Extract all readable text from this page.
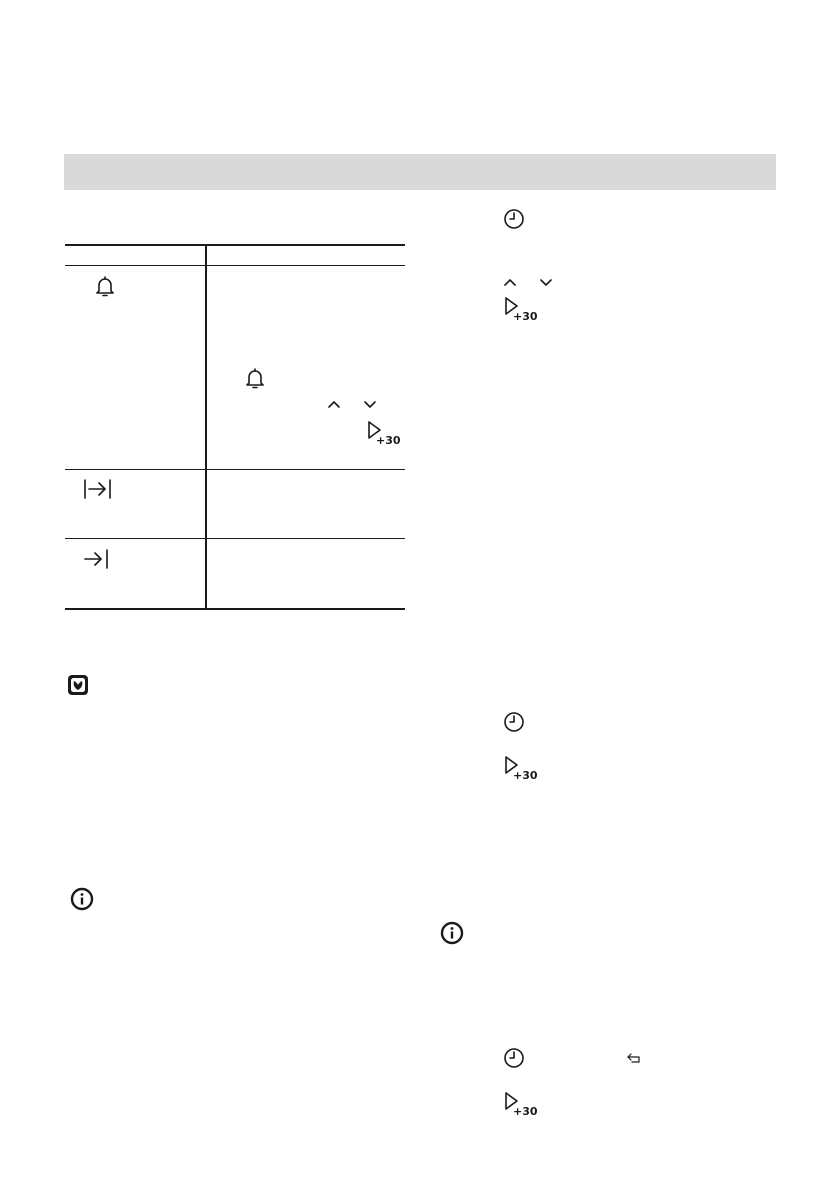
+30
+30
+30
+30
